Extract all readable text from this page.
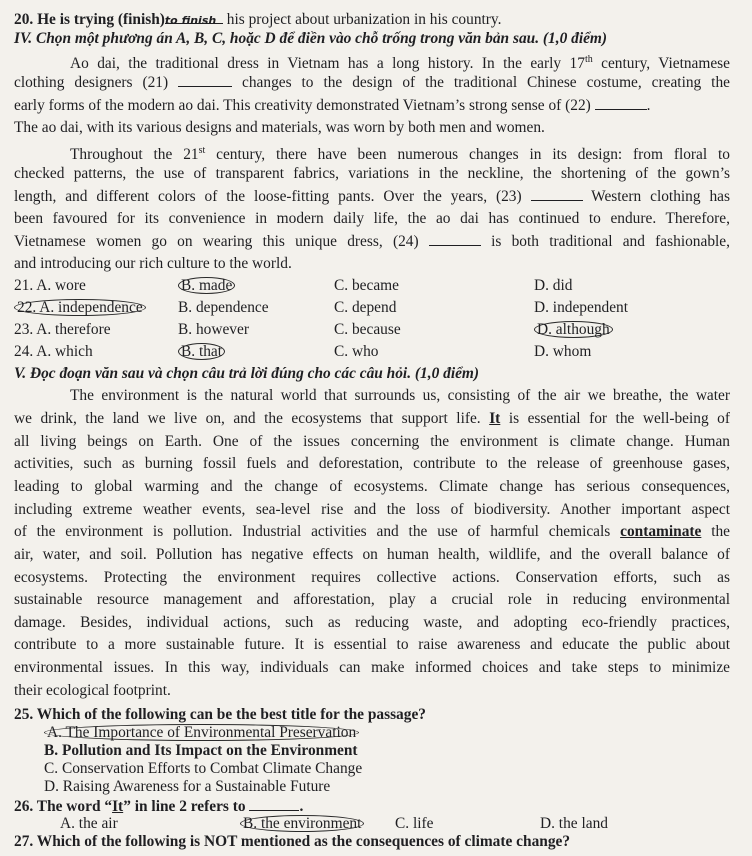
20. He is trying (finish)to finish his project about urbanization in his country.
IV. Chọn một phương án A, B, C, hoặc D để điền vào chỗ trống trong văn bản sau. (1,0 điểm)
Ao dai, the traditional dress in Vietnam has a long history. In the early 17th century, Vietnamese
clothing designers (21)	changes to the design of the traditional Chinese costume, creating the
early forms of the modern ao dai. This creativity demonstrated Vietnam’s strong sense of (22)	.
The ao dai, with its various designs and materials, was worn by both men and women.
Throughout the 21st century, there have been numerous changes in its design: from floral to
checked patterns, the use of transparent fabrics, variations in the neckline, the shortening of the gown’s
length, and different colors of the loose-fitting pants. Over the years, (23)	Western clothing has
been favoured for its convenience in modern daily life, the ao dai has continued to endure. Therefore,
Vietnamese women go on wearing this unique dress, (24)	is both traditional and fashionable,
and introducing our rich culture to the world.
21. A. wore	B. made	C. became	D. did
22. A. independence B. dependence	C. depend	D. independent
23. A. therefore	B. however	C. because	D. although
24. A. which	B. that	C. who	D. whom
V. Đọc đoạn văn sau và chọn câu trả lời đúng cho các câu hỏi. (1,0 điểm)
The environment is the natural world that surrounds us, consisting of the air we breathe, the water
we drink, the land we live on, and the ecosystems that support life. It is essential for the well-being of
all living beings on Earth. One of the issues concerning the environment is climate change. Human
activities, such as burning fossil fuels and deforestation, contribute to the release of greenhouse gases,
leading to global warming and the change of ecosystems. Climate change has serious consequences,
including extreme weather events, sea-level rise and the loss of biodiversity. Another important aspect
of the environment is pollution. Industrial activities and the use of harmful chemicals contaminate the
air, water, and soil. Pollution has negative effects on human health, wildlife, and the overall balance of
ecosystems. Protecting the environment requires collective actions. Conservation efforts, such as
sustainable resource management and afforestation, play a crucial role in reducing environmental
damage. Besides, individual actions, such as reducing waste, and adopting eco-friendly practices,
contribute to a more sustainable future. It is essential to raise awareness and educate the public about
environmental issues. In this way, individuals can make informed choices and take steps to minimize
their ecological footprint.
25. Which of the following can be the best title for the passage?
A. The Importance of Environmental Preservation
B. Pollution and Its Impact on the Environment
C. Conservation Efforts to Combat Climate Change
D. Raising Awareness for a Sustainable Future
26. The word “It” in line 2 refers to	.
A. the air	B. the environment C. life	D. the land
27. Which of the following is NOT mentioned as the consequences of climate change?
